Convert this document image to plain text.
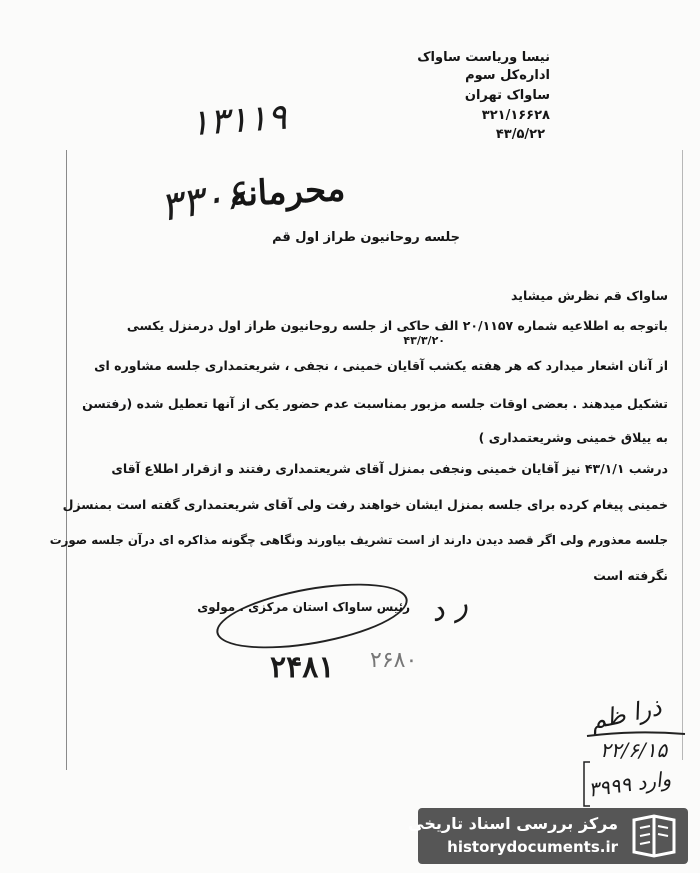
نیسا وریاست ساواک
اداره‌کل سوم
ساواک تهران
۳۲۱/۱۶۶۲۸
۴۳/۵/۲۲
۱۳۱۱۹
۳۳۰۶
محرمانه
جلسه روحانیون طراز اول قم
ساواک قم نظرش میشاید
باتوجه به اطلاعیه شماره ۲۰/۱۱۵۷ الف حاکی از جلسه روحانیون طراز اول درمنزل یکسی
۴۳/۳/۲۰
از آنان اشعار میدارد که هر هفته یکشب آقایان خمینی ، نجفی ، شریعتمداری جلسه مشاوره ای
تشکیل میدهند . بعضی اوقات جلسه مزبور بمناسبت عدم حضور یکی از آنها تعطیل شده (رفتسن
به ییلاق خمینی وشریعتمداری )
درشب ۴۳/۱/۱ نیز آقایان خمینی ونجفی بمنزل آقای شریعتمداری رفتند و ازقرار اطلاع آقای
خمینی پیغام کرده برای جلسه بمنزل ایشان خواهند رفت ولی آقای شریعتمداری گفته است بمنسزل
جلسه معذورم ولی اگر قصد دیدن دارند از است تشریف بیاورند ونگاهی چگونه مذاکره ای درآن جلسه صورت
نگرفته است
رئیس ساواک استان مرکزی . مولوی ر ‌د
۲۴۸۱ ۲۶۸۰
ذرا ظم
۲۲/۶/۱۵
وارد ۳۹۹۹
مرکز بررسی اسناد تاریخی
historydocuments.ir
